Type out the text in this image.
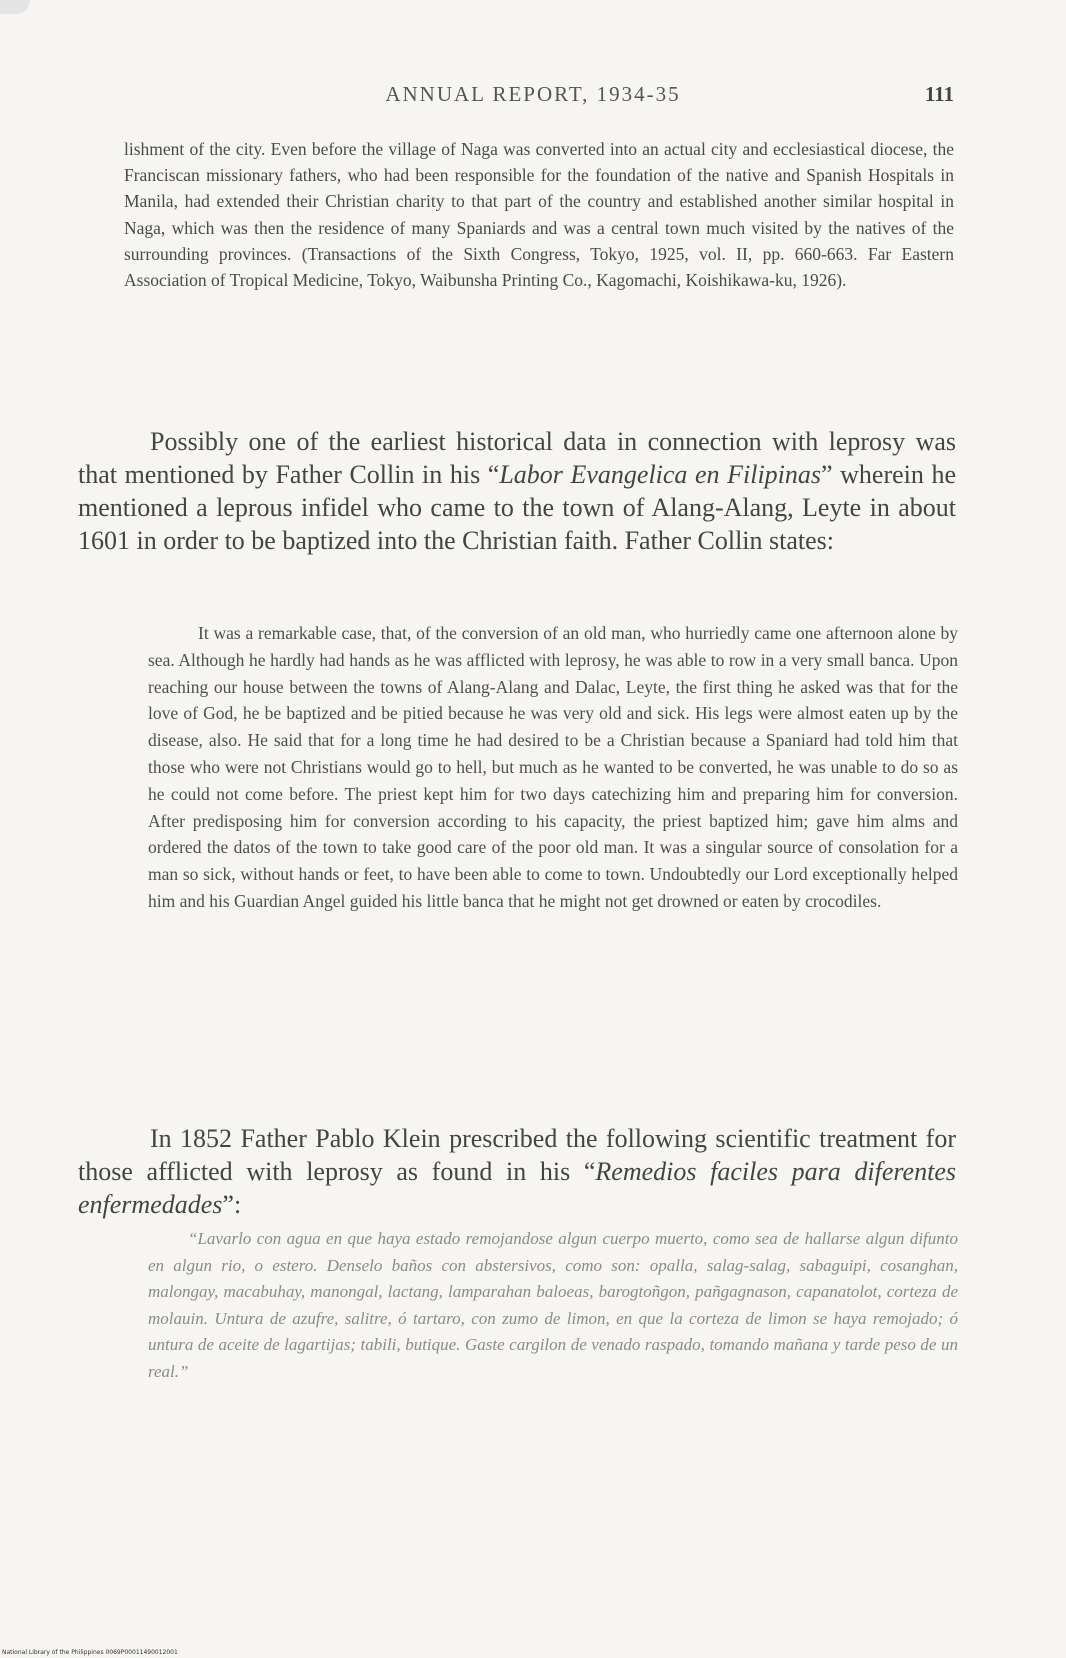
ANNUAL REPORT, 1934-35	111

lishment of the city. Even before the village of Naga was converted into an actual city and ecclesiastical diocese, the Franciscan missionary fathers, who had been responsible for the foundation of the native and Spanish Hospitals in Manila, had extended their Christian charity to that part of the country and established another similar hospital in Naga, which was then the residence of many Spaniards and was a central town much visited by the natives of the surrounding provinces. (Transactions of the Sixth Congress, Tokyo, 1925, vol. II, pp. 660-663. Far Eastern Association of Tropical Medicine, Tokyo, Waibunsha Printing Co., Kagomachi, Koishikawa-ku, 1926).

Possibly one of the earliest historical data in connection with leprosy was that mentioned by Father Collin in his “Labor Evangelica en Filipinas” wherein he mentioned a leprous infidel who came to the town of Alang-Alang, Leyte in about 1601 in order to be baptized into the Christian faith. Father Collin states:

It was a remarkable case, that, of the conversion of an old man, who hurriedly came one afternoon alone by sea. Although he hardly had hands as he was afflicted with leprosy, he was able to row in a very small banca. Upon reaching our house between the towns of Alang-Alang and Dalac, Leyte, the first thing he asked was that for the love of God, he be baptized and be pitied because he was very old and sick. His legs were almost eaten up by the disease, also. He said that for a long time he had desired to be a Christian because a Spaniard had told him that those who were not Christians would go to hell, but much as he wanted to be converted, he was unable to do so as he could not come before. The priest kept him for two days catechizing him and preparing him for conversion. After predisposing him for conversion according to his capacity, the priest baptized him; gave him alms and ordered the datos of the town to take good care of the poor old man. It was a singular source of consolation for a man so sick, without hands or feet, to have been able to come to town. Undoubtedly our Lord exceptionally helped him and his Guardian Angel guided his little banca that he might not get drowned or eaten by crocodiles.

In 1852 Father Pablo Klein prescribed the following scientific treatment for those afflicted with leprosy as found in his “Remedios faciles para diferentes enfermedades”:

“Lavarlo con agua en que haya estado remojandose algun cuerpo muerto, como sea de hallarse algun difunto en algun rio, o estero. Denselo baños con abstersivos, como son: opalla, salag-salag, sabaguipi, cosanghan, malongay, macabuhay, manongal, lactang, lamparahan baloeas, barogtoñgon, pañgagnason, capanatolot, corteza de molauin. Untura de azufre, salitre, ó tartaro, con zumo de limon, en que la corteza de limon se haya remojado; ó untura de aceite de lagartijas; tabili, butique. Gaste cargilon de venado raspado, tomando mañana y tarde peso de un real.”

National Library of the Philippines 0069P00011490012001
